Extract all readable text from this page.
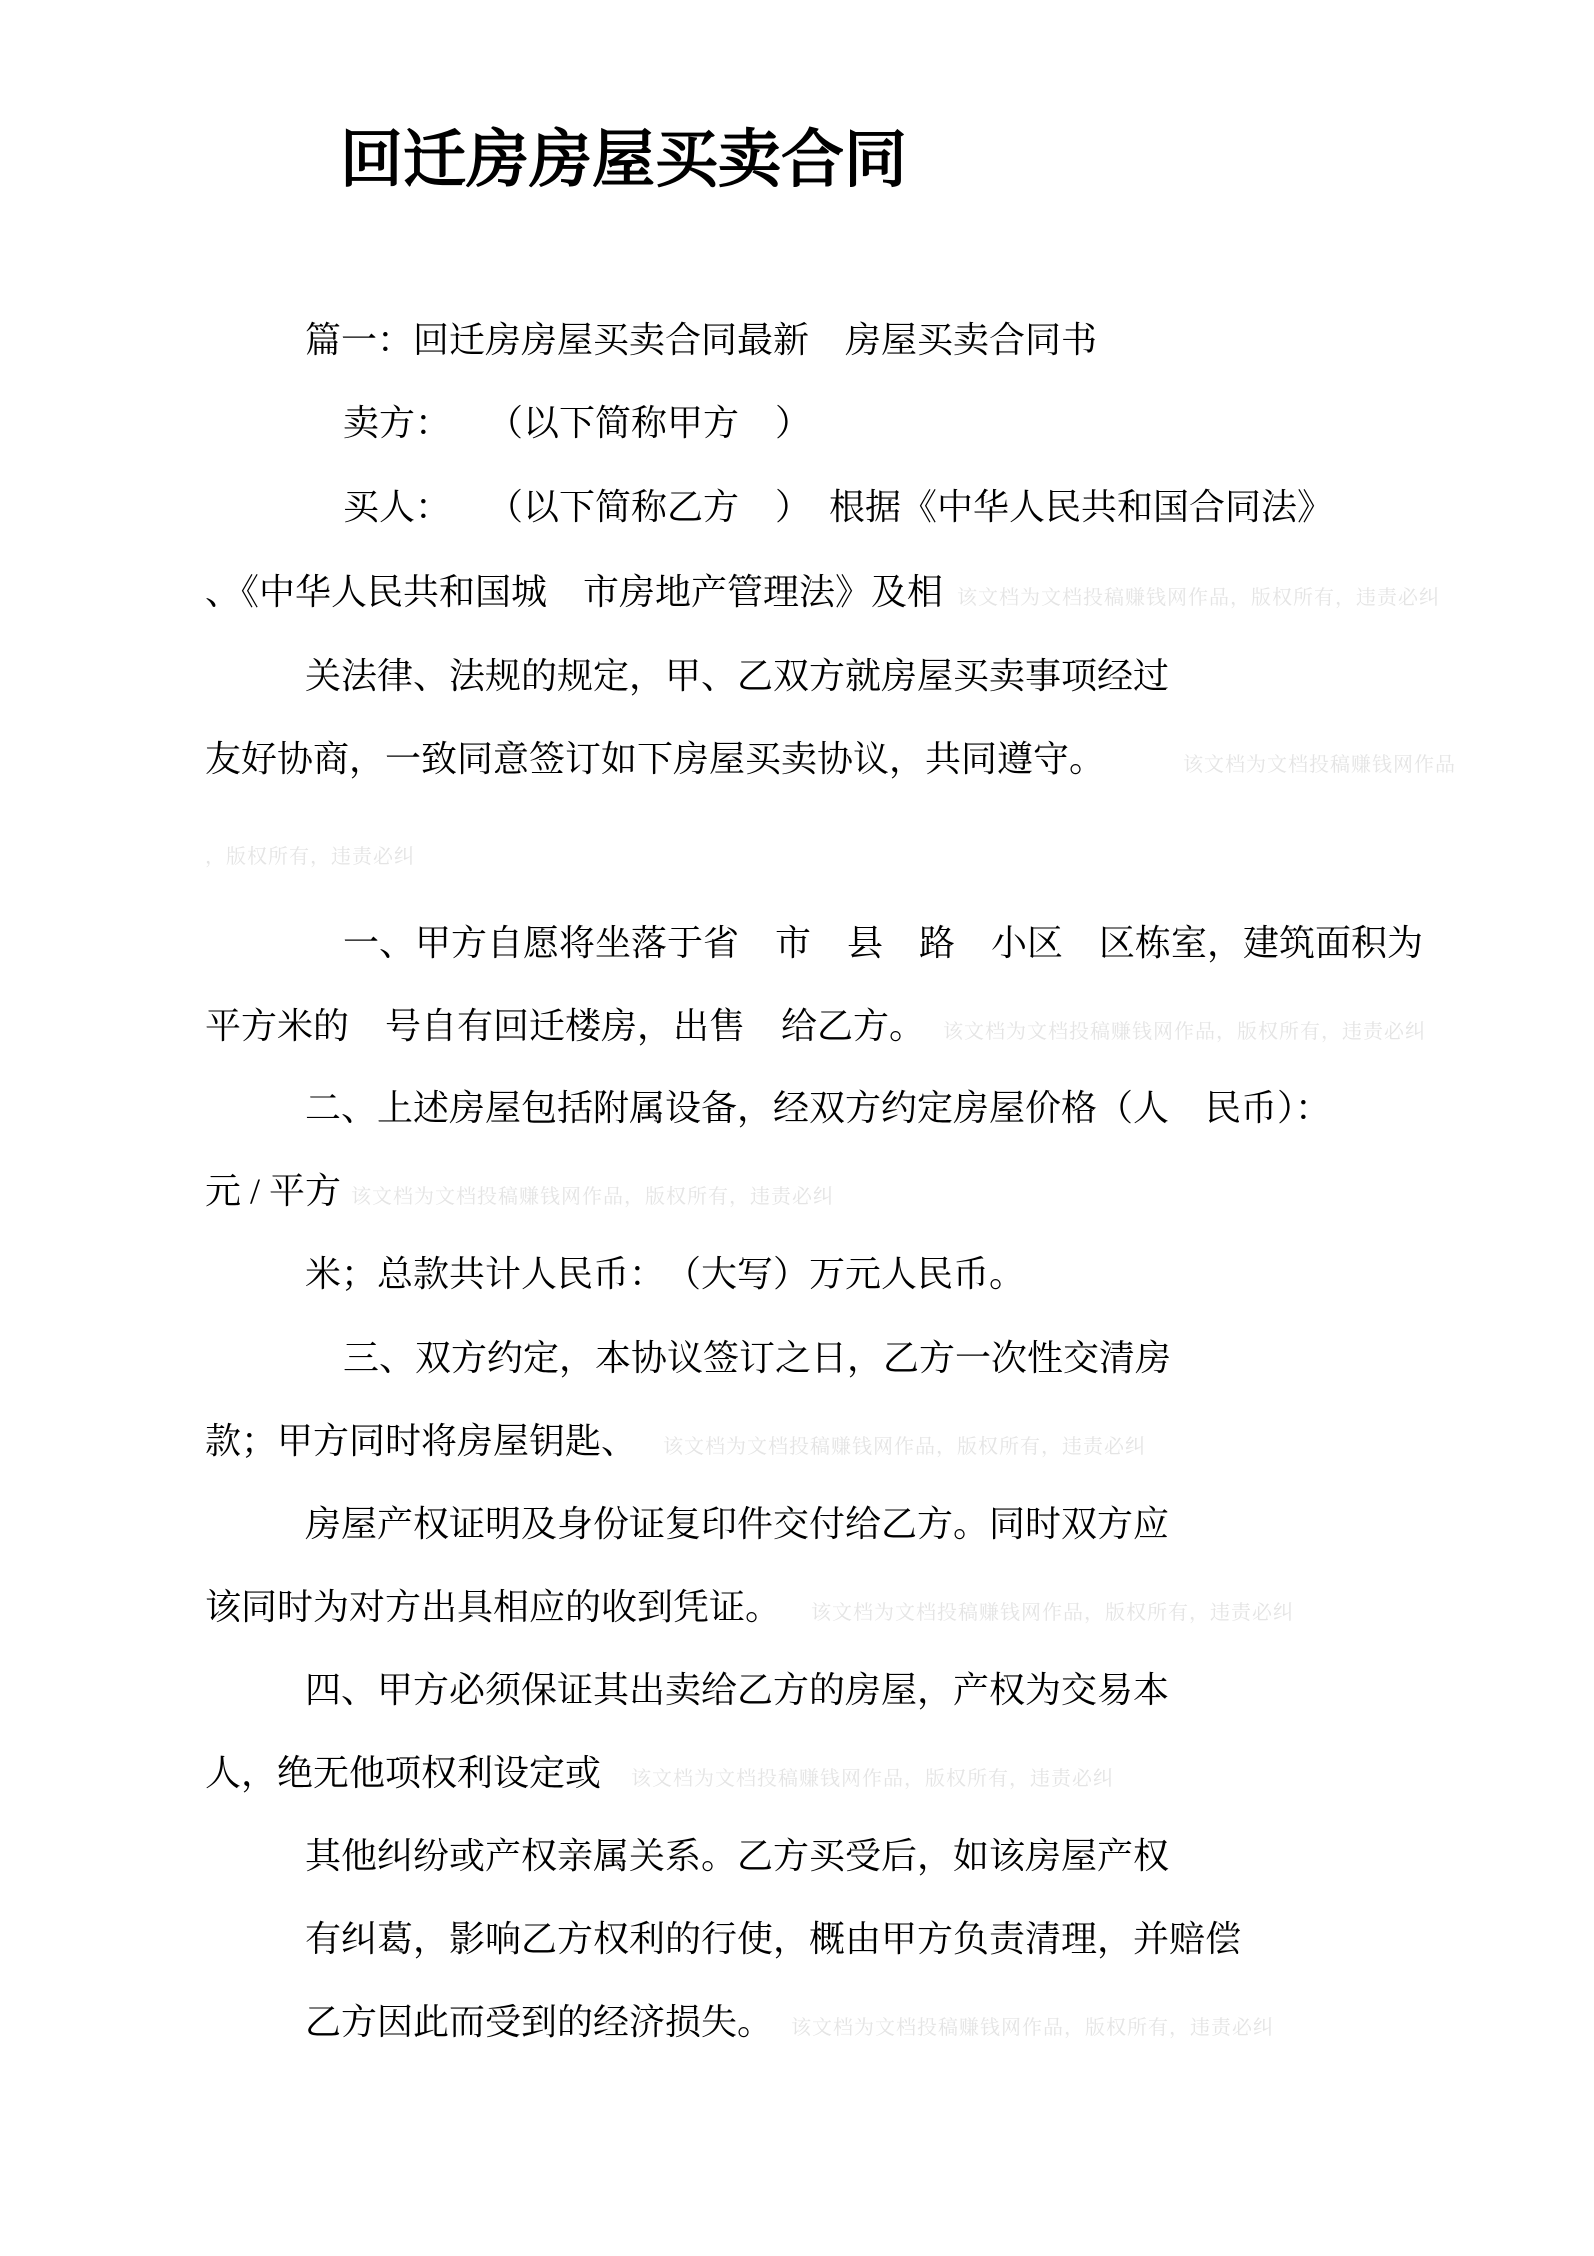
回迁房房屋买卖合同
篇一：回迁房房屋买卖合同最新　房屋买卖合同书
卖方：　　（以下简称甲方　）
买人：　　（以下简称乙方　）　根据《中华人民共和国合同法》
、《中华人民共和国城　市房地产管理法》及相 该文档为文档投稿赚钱网作品，版权所有，违责必纠
关法律、法规的规定，甲、乙双方就房屋买卖事项经过
友好协商，一致同意签订如下房屋买卖协议，共同遵守。	该文档为文档投稿赚钱网作品
，版权所有，违责必纠
一、甲方自愿将坐落于省　市　县　路　小区　区栋室，建筑面积为
平方米的　号自有回迁楼房，出售　给乙方。 该文档为文档投稿赚钱网作品，版权所有，违责必纠
二、上述房屋包括附属设备，经双方约定房屋价格（人　民币）：
元 / 平方 该文档为文档投稿赚钱网作品，版权所有，违责必纠
米；总款共计人民币：　（大写）万元人民币。
三、双方约定，本协议签订之日，乙方一次性交清房
款；甲方同时将房屋钥匙、 该文档为文档投稿赚钱网作品，版权所有，违责必纠
房屋产权证明及身份证复印件交付给乙方。同时双方应
该同时为对方出具相应的收到凭证。 该文档为文档投稿赚钱网作品，版权所有，违责必纠
四、甲方必须保证其出卖给乙方的房屋，产权为交易本
人，绝无他项权利设定或 该文档为文档投稿赚钱网作品，版权所有，违责必纠
其他纠纷或产权亲属关系。乙方买受后，如该房屋产权
有纠葛，影响乙方权利的行使，概由甲方负责清理，并赔偿
乙方因此而受到的经济损失。 该文档为文档投稿赚钱网作品，版权所有，违责必纠
